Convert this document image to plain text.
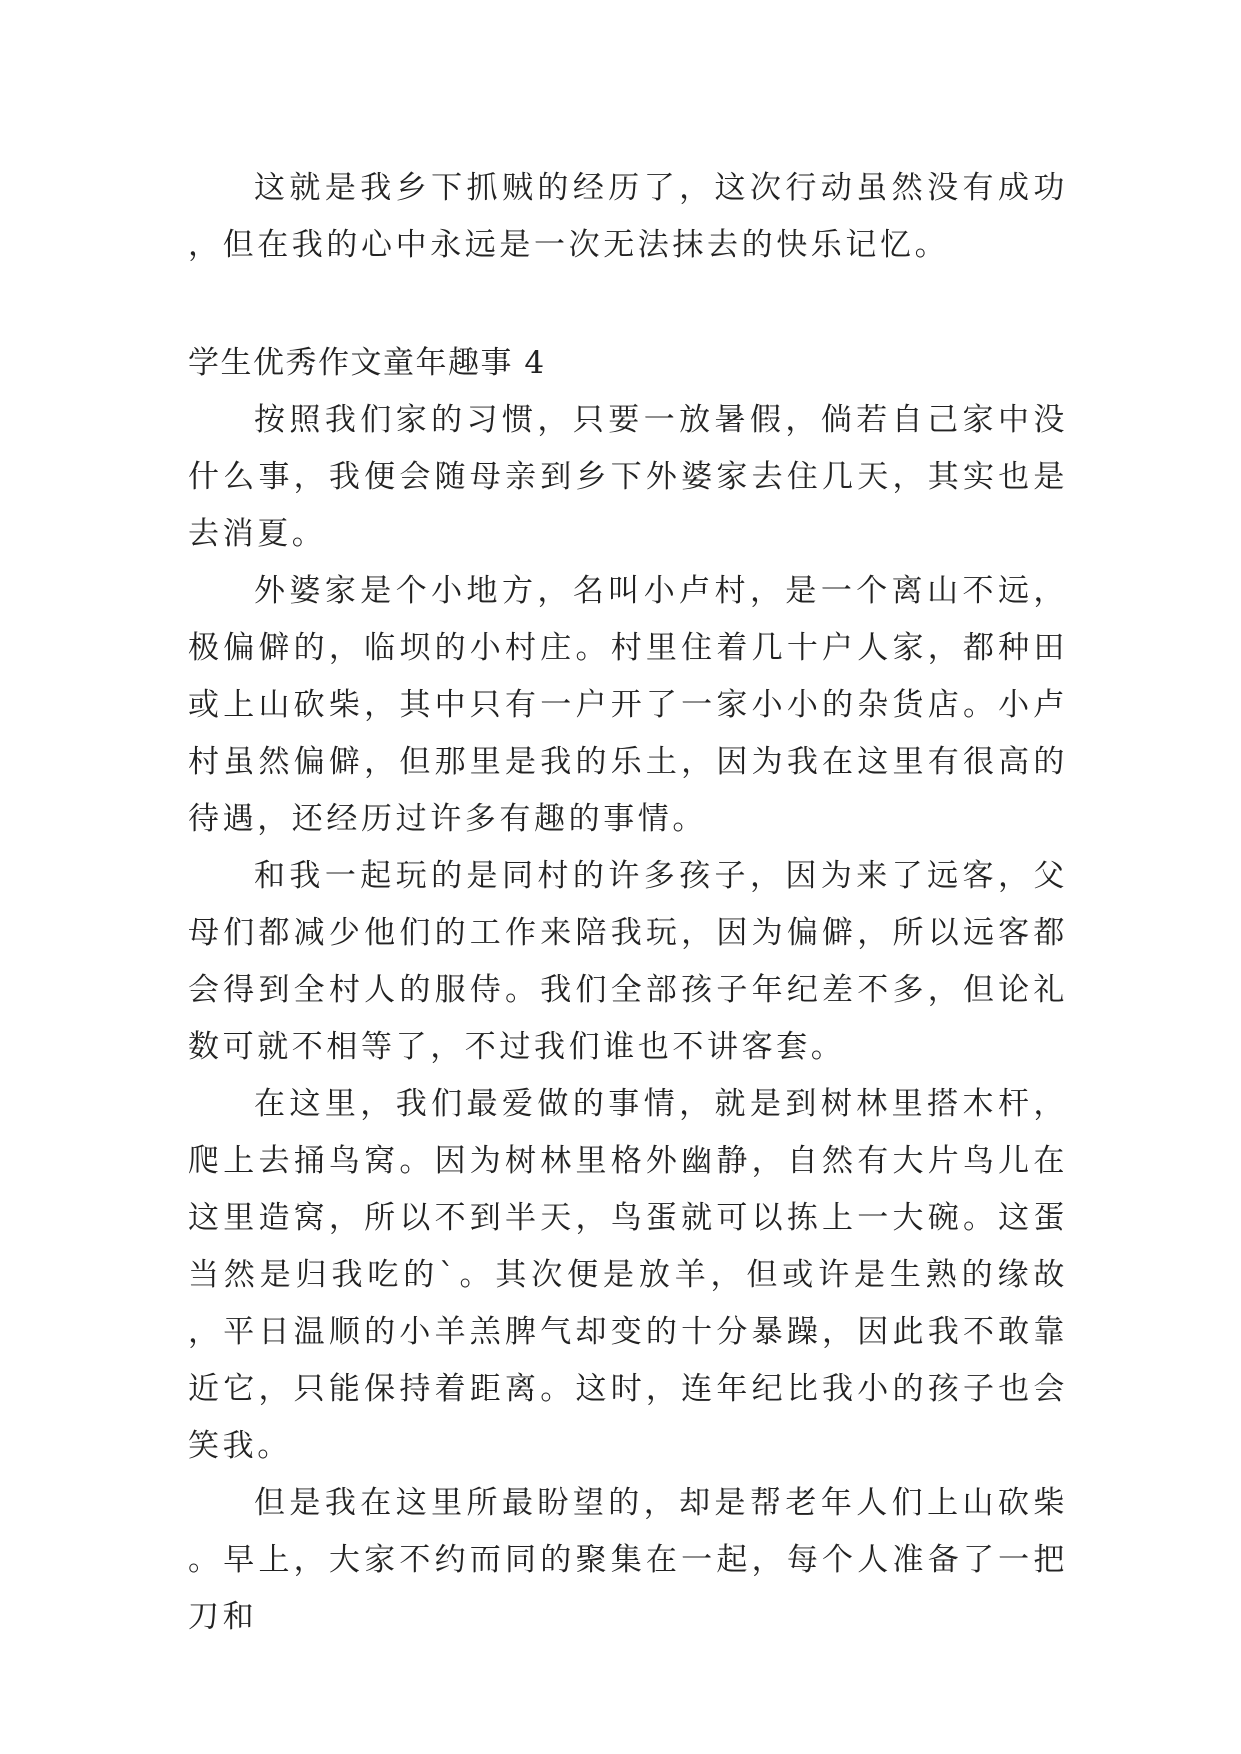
这就是我乡下抓贼的经历了，这次行动虽然没有成功，但在我的心中永远是一次无法抹去的快乐记忆。

学生优秀作文童年趣事 4

按照我们家的习惯，只要一放暑假，倘若自己家中没什么事，我便会随母亲到乡下外婆家去住几天，其实也是去消夏。

外婆家是个小地方，名叫小卢村，是一个离山不远，极偏僻的，临坝的小村庄。村里住着几十户人家，都种田或上山砍柴，其中只有一户开了一家小小的杂货店。小卢村虽然偏僻，但那里是我的乐土，因为我在这里有很高的待遇，还经历过许多有趣的事情。

和我一起玩的是同村的许多孩子，因为来了远客，父母们都减少他们的工作来陪我玩，因为偏僻，所以远客都会得到全村人的服侍。我们全部孩子年纪差不多，但论礼数可就不相等了，不过我们谁也不讲客套。

在这里，我们最爱做的事情，就是到树林里搭木杆，爬上去捅鸟窝。因为树林里格外幽静，自然有大片鸟儿在这里造窝，所以不到半天，鸟蛋就可以拣上一大碗。这蛋当然是归我吃的`。其次便是放羊，但或许是生熟的缘故，平日温顺的小羊羔脾气却变的十分暴躁，因此我不敢靠近它，只能保持着距离。这时，连年纪比我小的孩子也会笑我。

但是我在这里所最盼望的，却是帮老年人们上山砍柴。早上，大家不约而同的聚集在一起，每个人准备了一把刀和
